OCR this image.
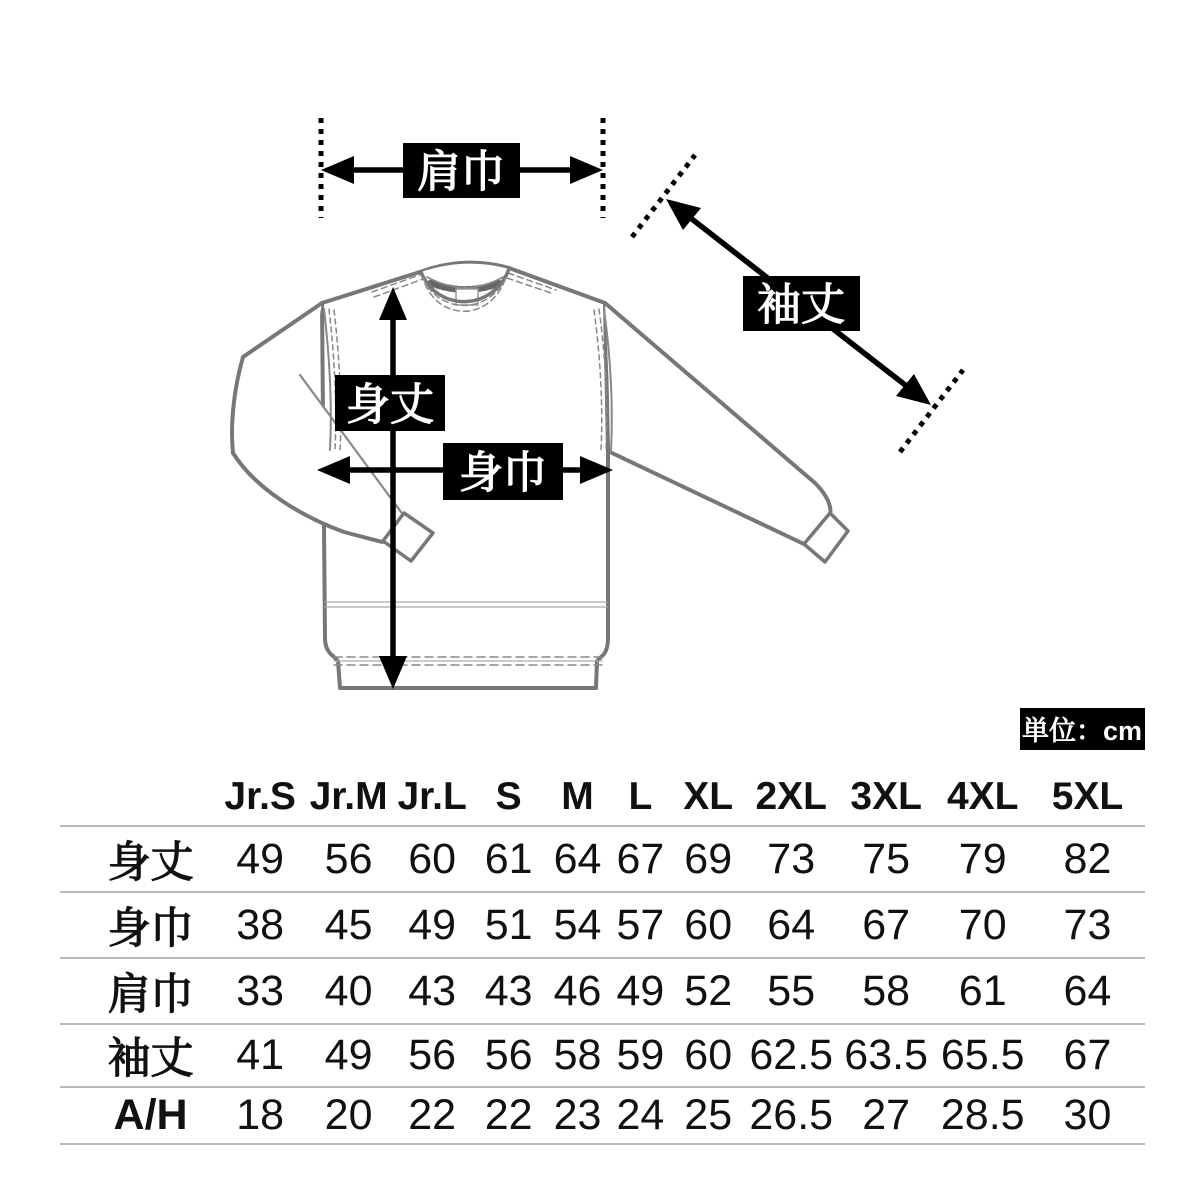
肩巾
袖丈
身丈
身巾
単位：cm
	Jr.S	Jr.M	Jr.L	S	M	L	XL	2XL	3XL	4XL	5XL
身丈	49	56	60	61	64	67	69	73	75	79	82
身巾	38	45	49	51	54	57	60	64	67	70	73
肩巾	33	40	43	43	46	49	52	55	58	61	64
袖丈	41	49	56	56	58	59	60	62.5	63.5	65.5	67
A/H	18	20	22	22	23	24	25	26.5	27	28.5	30
